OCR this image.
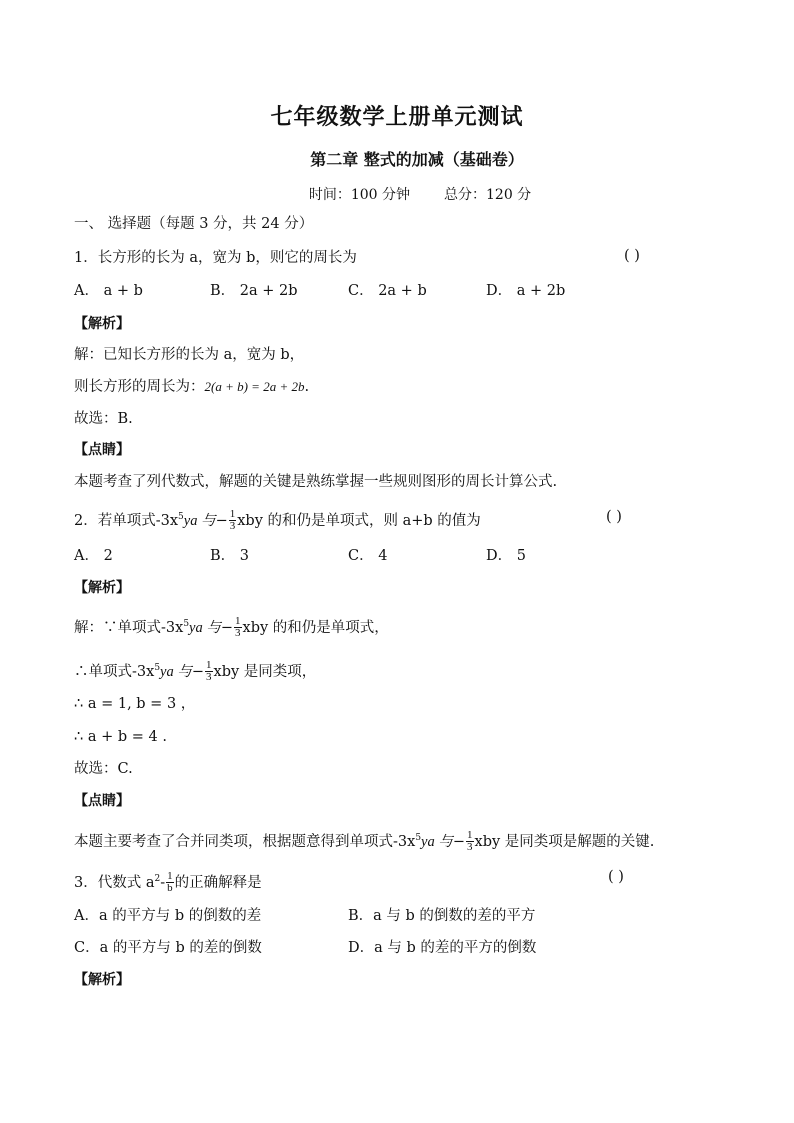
七年级数学上册单元测试
第二章 整式的加减（基础卷）
时间：100 分钟 总分：120 分
一、 选择题（每题 3 分，共 24 分）
1．长方形的长为 a，宽为 b，则它的周长为	( )
A． a + b	B． 2a + 2b	C． 2a + b	D． a + 2b
【解析】
解：已知长方形的长为 a，宽为 b，
则长方形的周长为：2(a + b) = 2a + 2b.
故选：B.
【点睛】
本题考查了列代数式，解题的关键是熟练掌握一些规则图形的周长计算公式.
2．若单项式$-3x^5ya$ 与− $\frac{1}{3}$ xby 的和仍是单项式，则 a+b 的值为	( )
A． 2	B． 3	C． 4	D． 5
【解析】
解：∵单项式$-3x^5ya$ 与− $\frac{1}{3}$ xby 的和仍是单项式，
∴单项式$-3x^5ya$ 与− $\frac{1}{3}$ xby 是同类项，
∴ a = 1, b = 3 ，
∴ a + b = 4 .
故选：C.
【点睛】
本题主要考查了合并同类项，根据题意得到单项式$-3x^5ya$ 与− $\frac{1}{3}$ xby 是同类项是解题的关键.
3．代数式 $a^2- \frac{1}{b}$ 的正确解释是	( )
A．a 的平方与 b 的倒数的差	B．a 与 b 的倒数的差的平方
C．a 的平方与 b 的差的倒数	D．a 与 b 的差的平方的倒数
【解析】
